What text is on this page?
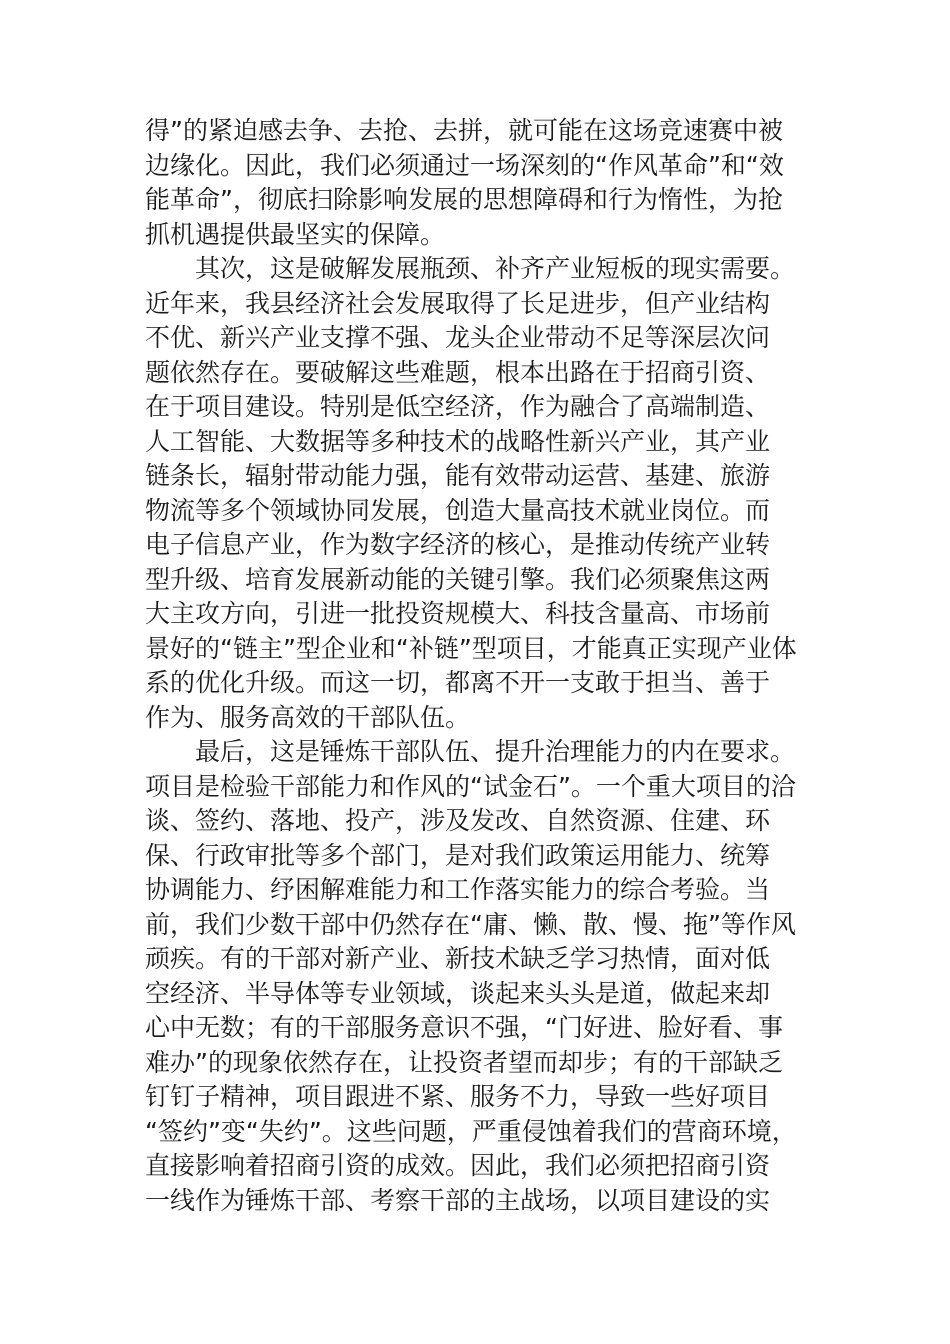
得”的紧迫感去争、去抢、去拼，就可能在这场竞速赛中被
边缘化。因此，我们必须通过一场深刻的“作风革命”和“效
能革命”，彻底扫除影响发展的思想障碍和行为惰性，为抢
抓机遇提供最坚实的保障。
其次，这是破解发展瓶颈、补齐产业短板的现实需要。
近年来，我县经济社会发展取得了长足进步，但产业结构
不优、新兴产业支撑不强、龙头企业带动不足等深层次问
题依然存在。要破解这些难题，根本出路在于招商引资、
在于项目建设。特别是低空经济，作为融合了高端制造、
人工智能、大数据等多种技术的战略性新兴产业，其产业
链条长，辐射带动能力强，能有效带动运营、基建、旅游
物流等多个领域协同发展，创造大量高技术就业岗位。而
电子信息产业，作为数字经济的核心，是推动传统产业转
型升级、培育发展新动能的关键引擎。我们必须聚焦这两
大主攻方向，引进一批投资规模大、科技含量高、市场前
景好的“链主”型企业和“补链”型项目，才能真正实现产业体
系的优化升级。而这一切，都离不开一支敢于担当、善于
作为、服务高效的干部队伍。
最后，这是锤炼干部队伍、提升治理能力的内在要求。
项目是检验干部能力和作风的“试金石”。一个重大项目的洽
谈、签约、落地、投产，涉及发改、自然资源、住建、环
保、行政审批等多个部门，是对我们政策运用能力、统筹
协调能力、纾困解难能力和工作落实能力的综合考验。当
前，我们少数干部中仍然存在“庸、懒、散、慢、拖”等作风
顽疾。有的干部对新产业、新技术缺乏学习热情，面对低
空经济、半导体等专业领域，谈起来头头是道，做起来却
心中无数；有的干部服务意识不强，“门好进、脸好看、事
难办”的现象依然存在，让投资者望而却步；有的干部缺乏
钉钉子精神，项目跟进不紧、服务不力，导致一些好项目
“签约”变“失约”。这些问题，严重侵蚀着我们的营商环境，
直接影响着招商引资的成效。因此，我们必须把招商引资
一线作为锤炼干部、考察干部的主战场，以项目建设的实
